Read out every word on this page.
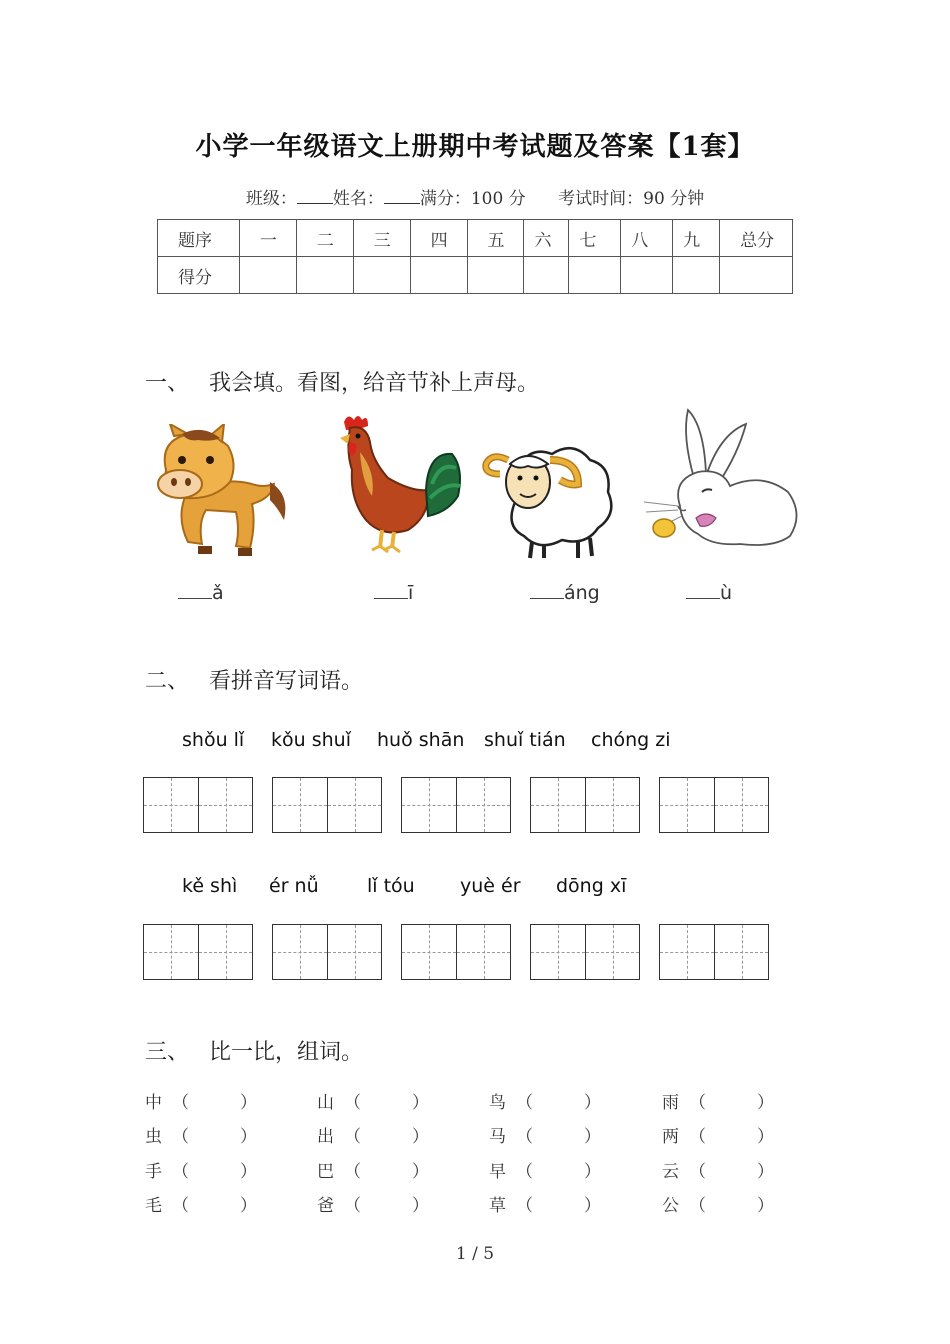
小学一年级语文上册期中考试题及答案【1套】
班级： 姓名： 满分：100 分 考试时间：90 分钟
题序	一	二	三	四	五	六	七	八	九	总分
得分										
一、 我会填。看图，给音节补上声母。
ǎ	ī	áng	ù
二、 看拼音写词语。
shǒu lǐ kǒu shuǐ huǒ shān shuǐ tián chóng zi
kě shì ér nǚ	lǐ tóu yuè ér dōng xī
三、 比一比，组词。
中 （　　　）	山 （　　　）	鸟 （　　　）	雨 （　　　）
虫 （　　　）	出 （　　　）	马 （　　　）	两 （　　　）
手 （　　　）	巴 （　　　）	早 （　　　）	云 （　　　）
毛 （　　　）	爸 （　　　）	草 （　　　）	公 （　　　）
1 / 5
